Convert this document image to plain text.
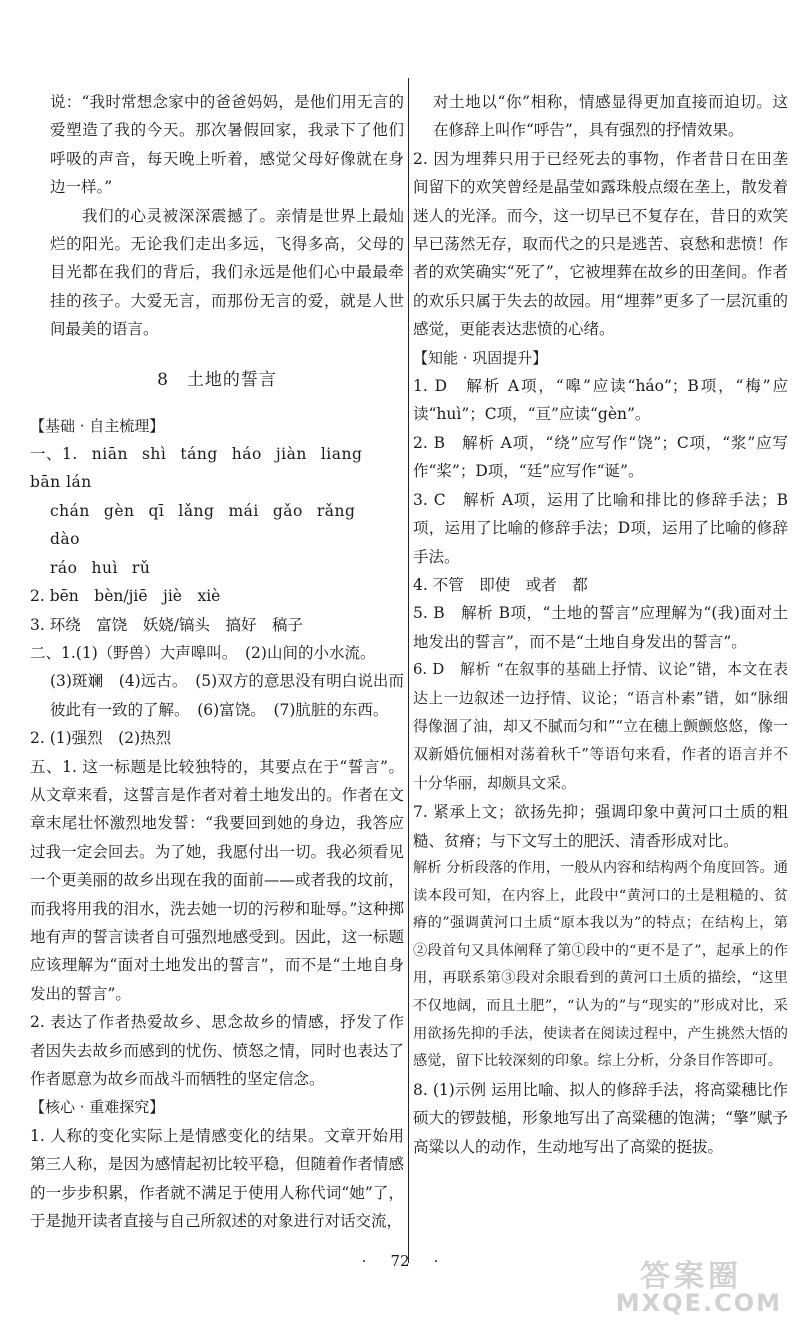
说：“我时常想念家中的爸爸妈妈，是他们用无言的爱塑造了我的今天。那次暑假回家，我录下了他们呼吸的声音，每天晚上听着，感觉父母好像就在身边一样。”

我们的心灵被深深震撼了。亲情是世界上最灿烂的阳光。无论我们走出多远，飞得多高，父母的目光都在我们的背后，我们永远是他们心中最最牵挂的孩子。大爱无言，而那份无言的爱，就是人世间最美的语言。

8　土地的誓言
【基础 · 自主梳理】
一、1. niān shì táng háo jiàn liangbān lán
chán gèn qī lǎng mái gǎo rǎngdào
ráo huì rǔ

2. bēn　bèn/jiē　jiè　xiè

3. 环绕　富饶　妖娆/镐头　搞好　稿子

二、1.(1)（野兽）大声嗥叫。　(2)山间的小水流。

(3)斑斓　(4)远古。　(5)双方的意思没有明白说出而彼此有一致的了解。　(6)富饶。　(7)肮脏的东西。

2. (1)强烈　(2)热烈

五、1. 这一标题是比较独特的，其要点在于“誓言”。从文章来看，这誓言是作者对着土地发出的。作者在文章末尾壮怀激烈地发誓：“我要回到她的身边，我答应过我一定会回去。为了她，我愿付出一切。我必须看见一个更美丽的故乡出现在我的面前——或者我的坟前，而我将用我的泪水，洗去她一切的污秽和耻辱。”这种掷地有声的誓言读者自可强烈地感受到。因此，这一标题应该理解为“面对土地发出的誓言”，而不是“土地自身发出的誓言”。

2. 表达了作者热爱故乡、思念故乡的情感，抒发了作者因失去故乡而感到的忧伤、愤怒之情，同时也表达了作者愿意为故乡而战斗而牺牲的坚定信念。

【核心 · 重难探究】

1. 人称的变化实际上是情感变化的结果。文章开始用第三人称，是因为感情起初比较平稳，但随着作者情感的一步步积累，作者就不满足于使用人称代词“她”了，于是抛开读者直接与自己所叙述的对象进行对话交流，

对土地以“你”相称，情感显得更加直接而迫切。这在修辞上叫作“呼告”，具有强烈的抒情效果。

2. 因为埋葬只用于已经死去的事物，作者昔日在田垄间留下的欢笑曾经是晶莹如露珠般点缀在垄上，散发着迷人的光泽。而今，这一切早已不复存在，昔日的欢笑早已荡然无存，取而代之的只是逃苦、哀愁和悲愤！作者的欢笑确实“死了”，它被埋葬在故乡的田垄间。作者的欢乐只属于失去的故园。用“埋葬”更多了一层沉重的感觉，更能表达悲愤的心绪。

【知能 · 巩固提升】

1. D　解析 A项，“嗥”应读“háo”；B项，“梅”应读“huì”；C项，“亘”应读“gèn”。

2. B　解析 A项，“绕”应写作“饶”；C项，“浆”应写作“桨”；D项，“廷”应写作“诞”。

3. C　解析 A项，运用了比喻和排比的修辞手法；B项，运用了比喻的修辞手法；D项，运用了比喻的修辞手法。

4. 不管　即使　或者　都

5. B　解析 B项，“土地的誓言”应理解为“(我)面对土地发出的誓言”，而不是“土地自身发出的誓言”。

6. D　解析 “在叙事的基础上抒情、议论”错，本文在表达上一边叙述一边抒情、议论；“语言朴素”错，如“脉细得像涸了油，却又不腻而匀和”“立在穗上颤颤悠悠，像一双新婚伉俪相对荡着秋千”等语句来看，作者的语言并不十分华丽，却颇具文采。

7. 紧承上文；欲扬先抑；强调印象中黄河口土质的粗糙、贫瘠；与下文写土的肥沃、清香形成对比。

解析 分析段落的作用，一般从内容和结构两个角度回答。通读本段可知，在内容上，此段中“黄河口的土是粗糙的、贫瘠的”强调黄河口土质“原本我以为”的特点；在结构上，第②段首句又具体阐释了第①段中的“更不是了”，起承上的作用，再联系第③段对余眼看到的黄河口土质的描绘，“这里不仅地阔，而且土肥”，“认为的”与“现实的”形成对比，采用欲扬先抑的手法，使读者在阅读过程中，产生挑然大悟的感觉，留下比较深刻的印象。综上分析，分条目作答即可。

8. (1)示例 运用比喻、拟人的修辞手法，将高粱穗比作硕大的锣鼓槌，形象地写出了高粱穗的饱满；“擎”赋予高粱以人的动作，生动地写出了高粱的挺拔。

· 72 ·	答案圈
MXQE.COM
